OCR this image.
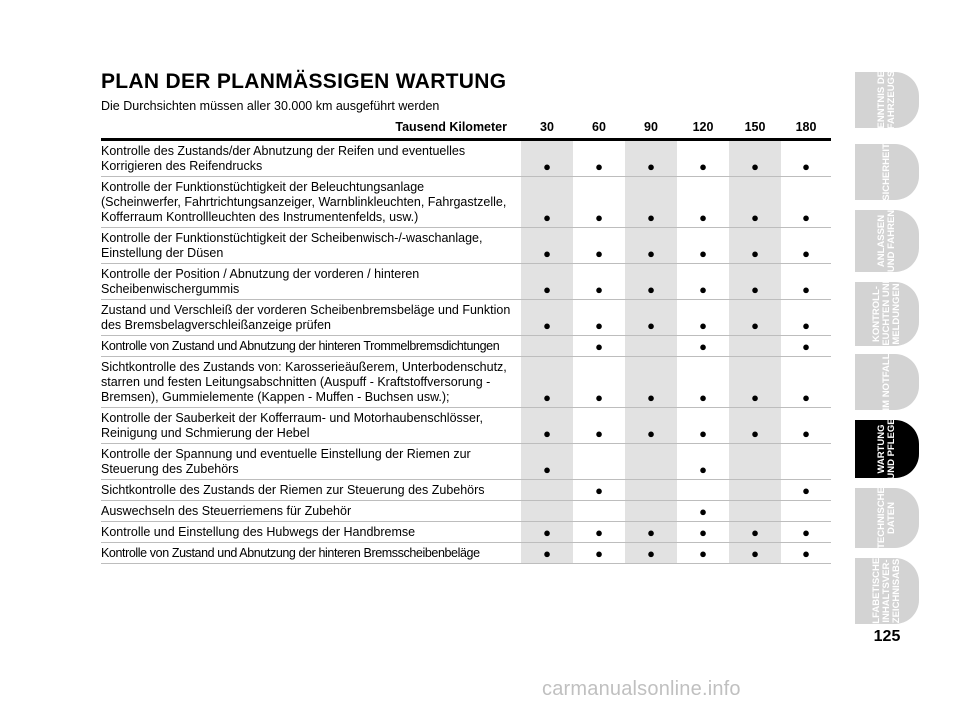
PLAN DER PLANMÄSSIGEN WARTUNG
Die Durchsichten müssen aller 30.000 km ausgeführt werden
Tausend Kilometer	30	60	90	120	150	180
Kontrolle des Zustands/der Abnutzung der Reifen und eventuelles
Korrigieren des Reifendrucks	●	●	●	●	●	●
Kontrolle der Funktionstüchtigkeit der Beleuchtungsanlage
(Scheinwerfer, Fahrtrichtungsanzeiger, Warnblinkleuchten, Fahrgastzelle,
Kofferraum Kontrollleuchten des Instrumentenfelds, usw.)	●	●	●	●	●	●
Kontrolle der Funktionstüchtigkeit der Scheibenwisch-/-waschanlage,
Einstellung der Düsen	●	●	●	●	●	●
Kontrolle der Position / Abnutzung der vorderen / hinteren
Scheibenwischergummis	●	●	●	●	●	●
Zustand und Verschleiß der vorderen Scheibenbremsbeläge und Funktion
des Bremsbelagverschleißanzeige prüfen	●	●	●	●	●	●
Kontrolle von Zustand und Abnutzung der hinteren Trommelbremsdichtungen		●		●		●
Sichtkontrolle des Zustands von: Karosserieäußerem, Unterbodenschutz,
starren und festen Leitungsabschnitten (Auspuff - Kraftstoffversorung -
Bremsen), Gummielemente (Kappen - Muffen - Buchsen usw.);	●	●	●	●	●	●
Kontrolle der Sauberkeit der Kofferraum- und Motorhaubenschlösser,
Reinigung und Schmierung der Hebel	●	●	●	●	●	●
Kontrolle der Spannung und eventuelle Einstellung der Riemen zur
Steuerung des Zubehörs	●			●		
Sichtkontrolle des Zustands der Riemen zur Steuerung des Zubehörs		●				●
Auswechseln des Steuerriemens für Zubehör				●		
Kontrolle und Einstellung des Hubwegs der Handbremse	●	●	●	●	●	●
Kontrolle von Zustand und Abnutzung der hinteren Bremsscheibenbeläge	●	●	●	●	●	●
KENNTNIS DES
FAHRZEUGS
SICHERHEIT
ANLASSEN
UND FAHREN
KONTROLL-
LEUCHTEN UND
MELDUNGEN
IM NOTFALL
WARTUNG
UND PFLEGE
TECHNISCHE
DATEN
ALFABETISCHES
INHALTSVER-
ZEICHNISABS
125
carmanualsonline.info
